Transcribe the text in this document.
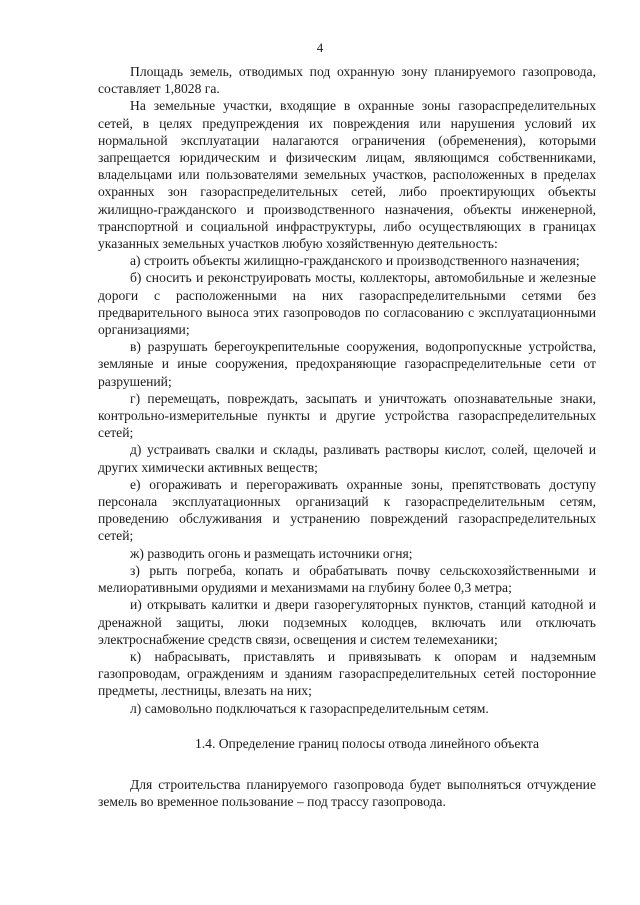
4

Площадь земель, отводимых под охранную зону планируемого газопровода, составляет 1,8028 га.

На земельные участки, входящие в охранные зоны газораспределительных сетей, в целях предупреждения их повреждения или нарушения условий их нормальной эксплуатации налагаются ограничения (обременения), которыми запрещается юридическим и физическим лицам, являющимся собственниками, владельцами или пользователями земельных участков, расположенных в пределах охранных зон газораспределительных сетей, либо проектирующих объекты жилищно-гражданского и производственного назначения, объекты инженерной, транспортной и социальной инфраструктуры, либо осуществляющих в границах указанных земельных участков любую хозяйственную деятельность:

а) строить объекты жилищно-гражданского и производственного назначения;

б) сносить и реконструировать мосты, коллекторы, автомобильные и железные дороги с расположенными на них газораспределительными сетями без предварительного выноса этих газопроводов по согласованию с эксплуатационными организациями;

в) разрушать берегоукрепительные сооружения, водопропускные устройства, земляные и иные сооружения, предохраняющие газораспределительные сети от разрушений;

г) перемещать, повреждать, засыпать и уничтожать опознавательные знаки, контрольно-измерительные пункты и другие устройства газораспределительных сетей;

д) устраивать свалки и склады, разливать растворы кислот, солей, щелочей и других химически активных веществ;

е) огораживать и перегораживать охранные зоны, препятствовать доступу персонала эксплуатационных организаций к газораспределительным сетям, проведению обслуживания и устранению повреждений газораспределительных сетей;

ж) разводить огонь и размещать источники огня;

з) рыть погреба, копать и обрабатывать почву сельскохозяйственными и мелиоративными орудиями и механизмами на глубину более 0,3 метра;

и) открывать калитки и двери газорегуляторных пунктов, станций катодной и дренажной защиты, люки подземных колодцев, включать или отключать электроснабжение средств связи, освещения и систем телемеханики;

к) набрасывать, приставлять и привязывать к опорам и надземным газопроводам, ограждениям и зданиям газораспределительных сетей посторонние предметы, лестницы, влезать на них;

л) самовольно подключаться к газораспределительным сетям.

1.4. Определение границ полосы отвода линейного объекта

Для строительства планируемого газопровода будет выполняться отчуждение земель во временное пользование – под трассу газопровода.
